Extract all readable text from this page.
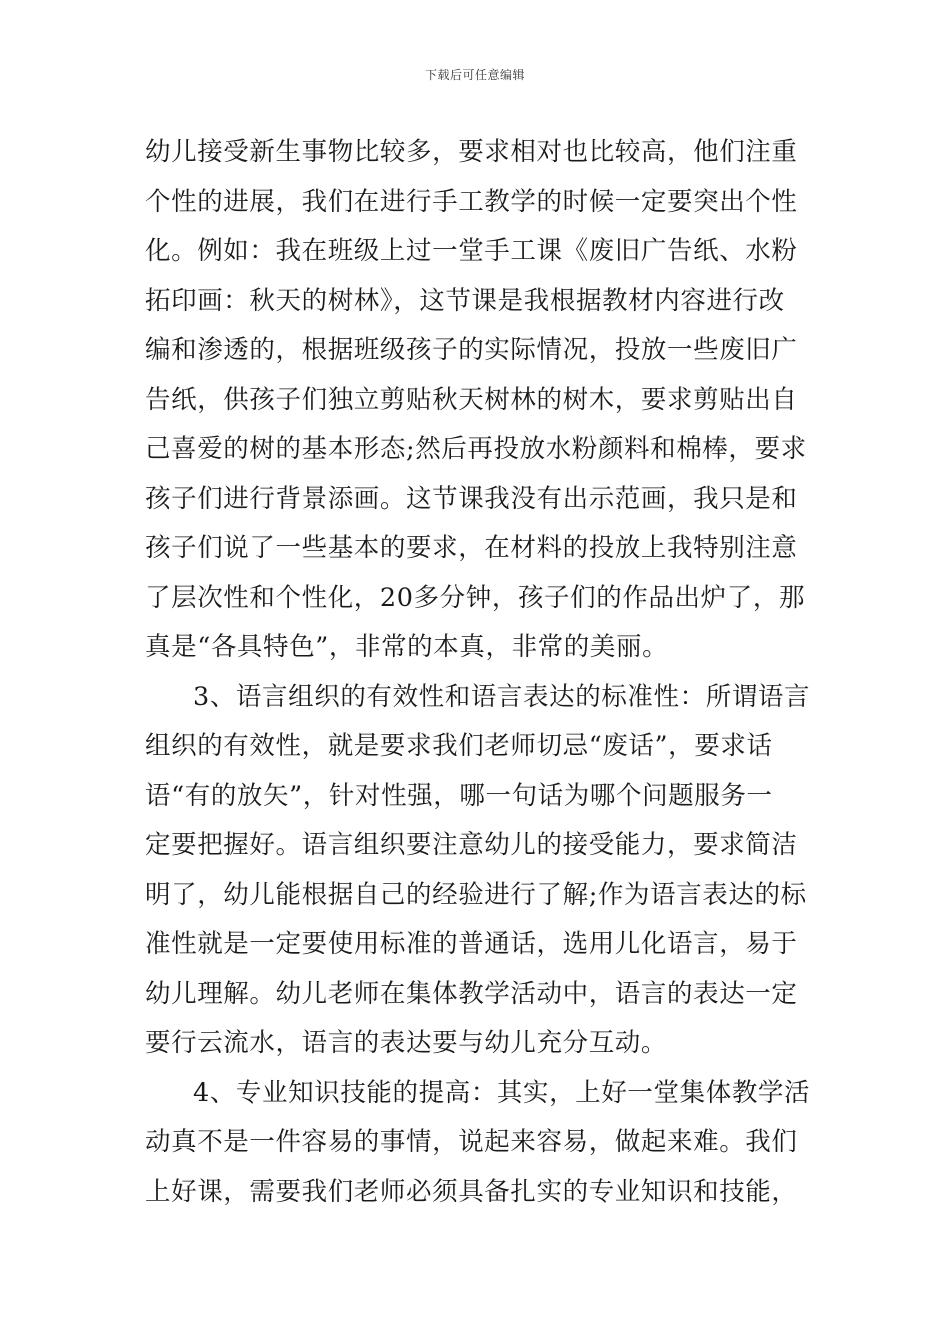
下载后可任意编辑
幼儿接受新生事物比较多，要求相对也比较高，他们注重
个性的进展，我们在进行手工教学的时候一定要突出个性
化。例如：我在班级上过一堂手工课《废旧广告纸、水粉
拓印画：秋天的树林》，这节课是我根据教材内容进行改
编和渗透的，根据班级孩子的实际情况，投放一些废旧广
告纸，供孩子们独立剪贴秋天树林的树木，要求剪贴出自
己喜爱的树的基本形态;然后再投放水粉颜料和棉棒，要求
孩子们进行背景添画。这节课我没有出示范画，我只是和
孩子们说了一些基本的要求，在材料的投放上我特别注意
了层次性和个性化，20多分钟，孩子们的作品出炉了，那
真是“各具特色”，非常的本真，非常的美丽。
3、语言组织的有效性和语言表达的标准性：所谓语言
组织的有效性，就是要求我们老师切忌“废话”，要求话
语“有的放矢”，针对性强，哪一句话为哪个问题服务一
定要把握好。语言组织要注意幼儿的接受能力，要求简洁
明了，幼儿能根据自己的经验进行了解;作为语言表达的标
准性就是一定要使用标准的普通话，选用儿化语言，易于
幼儿理解。幼儿老师在集体教学活动中，语言的表达一定
要行云流水，语言的表达要与幼儿充分互动。
4、专业知识技能的提高：其实，上好一堂集体教学活
动真不是一件容易的事情，说起来容易，做起来难。我们
上好课，需要我们老师必须具备扎实的专业知识和技能，
